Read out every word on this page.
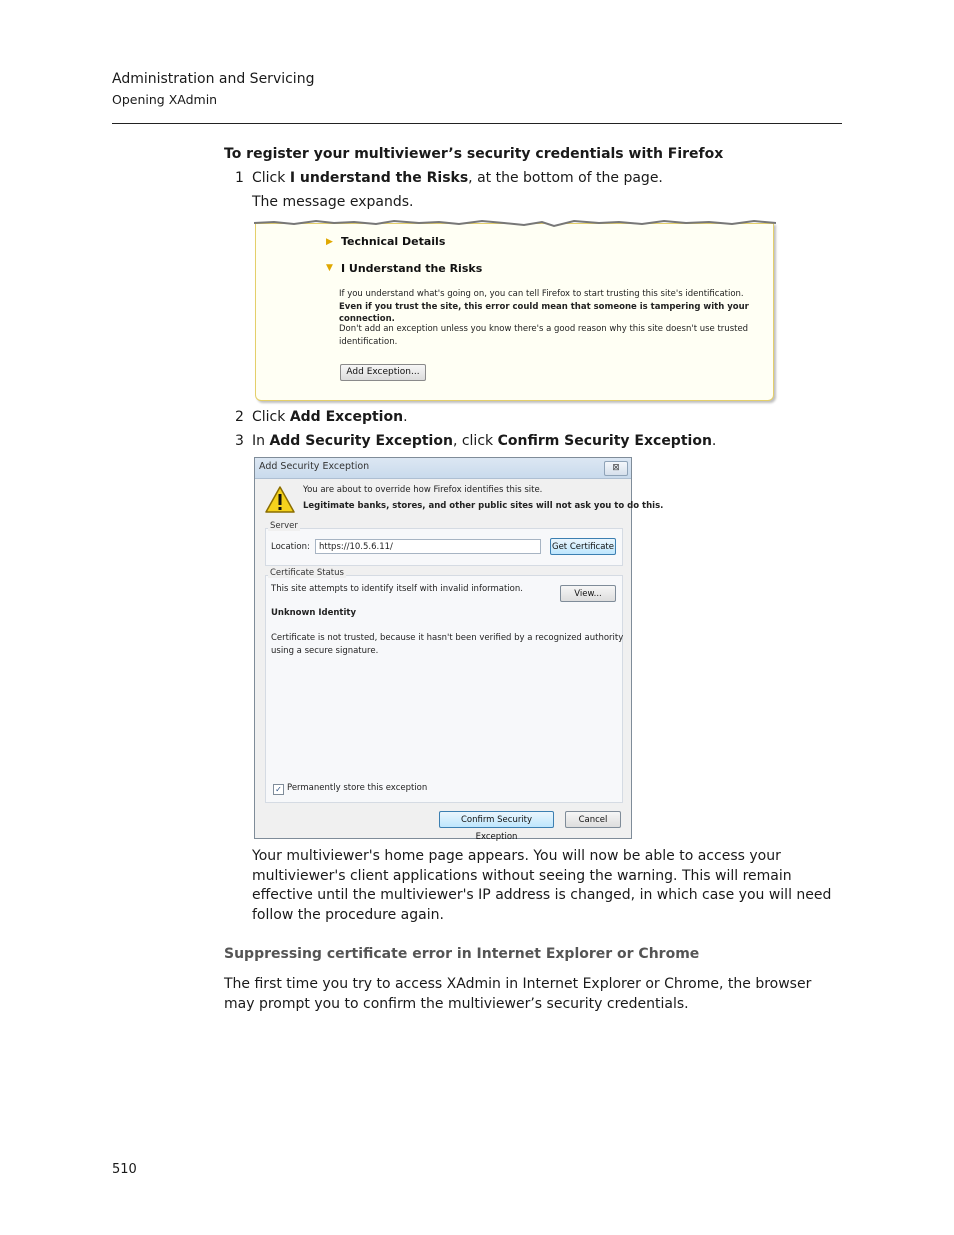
Administration and Servicing
Opening XAdmin
To register your multiviewer’s security credentials with Firefox
1 Click I understand the Risks, at the bottom of the page.
The message expands.
▶ Technical Details
▼ I Understand the Risks
If you understand what's going on, you can tell Firefox to start trusting this site's identification. Even if you trust the site, this error could mean that someone is tampering with your connection.
Don't add an exception unless you know there's a good reason why this site doesn't use trusted identification.
Add Exception...
2 Click Add Exception.
3 In Add Security Exception, click Confirm Security Exception.
Add Security Exception	⊠
You are about to override how Firefox identifies this site.
Legitimate banks, stores, and other public sites will not ask you to do this.
Server
Location:	https://10.5.6.11/	Get Certificate
Certificate Status
This site attempts to identify itself with invalid information.	View...
Unknown Identity
Certificate is not trusted, because it hasn't been verified by a recognized authority
using a secure signature.
✓ Permanently store this exception
Confirm Security Exception
Cancel
Your multiviewer's home page appears. You will now be able to access your multiviewer's client applications without seeing the warning. This will remain effective until the multiviewer's IP address is changed, in which case you will need follow the procedure again.
Suppressing certificate error in Internet Explorer or Chrome
The first time you try to access XAdmin in Internet Explorer or Chrome, the browser may prompt you to confirm the multiviewer’s security credentials.
510
